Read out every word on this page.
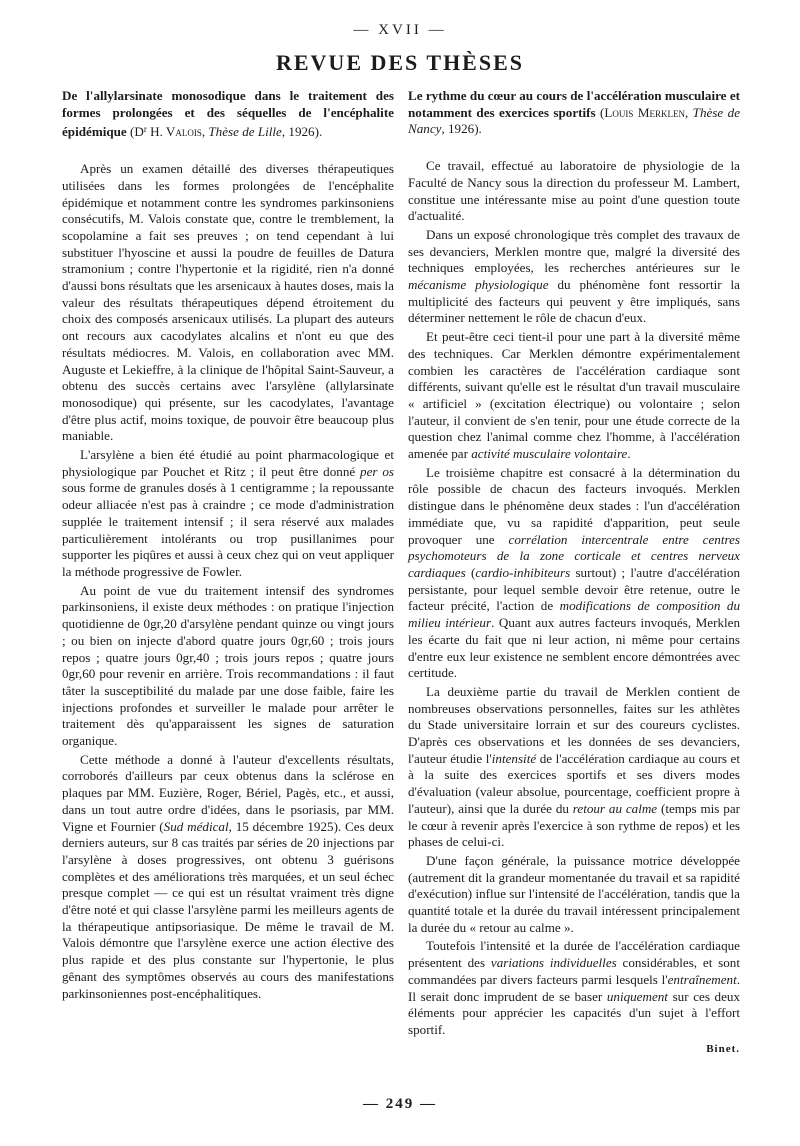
— XVII —
REVUE DES THÈSES
De l'allylarsinate monosodique dans le traitement des formes prolongées et des séquelles de l'encéphalite épidémique ($D^r$ H. Valois, Thèse de Lille, 1926).

Après un examen détaillé des diverses thérapeutiques utilisées dans les formes prolongées de l'encéphalite épidémique et notamment contre les syndromes parkinsoniens consécutifs, M. Valois constate que, contre le tremblement, la scopolamine a fait ses preuves ; on tend cependant à lui substituer l'hyoscine et aussi la poudre de feuilles de Datura stramonium ; contre l'hypertonie et la rigidité, rien n'a donné d'aussi bons résultats que les arsenicaux à hautes doses, mais la valeur des résultats thérapeutiques dépend étroitement du choix des composés arsenicaux utilisés. La plupart des auteurs ont recours aux cacodylates alcalins et n'ont eu que des résultats médiocres. M. Valois, en collaboration avec MM. Auguste et Lekieffre, à la clinique de l'hôpital Saint-Sauveur, a obtenu des succès certains avec l'arsylène (allylarsinate monosodique) qui présente, sur les cacodylates, l'avantage d'être plus actif, moins toxique, de pouvoir être beaucoup plus maniable.

L'arsylène a bien été étudié au point pharmacologique et physiologique par Pouchet et Ritz ; il peut être donné per os sous forme de granules dosés à 1 centigramme ; la repoussante odeur alliacée n'est pas à craindre ; ce mode d'administration supplée le traitement intensif ; il sera réservé aux malades particulièrement intolérants ou trop pusillanimes pour supporter les piqûres et aussi à ceux chez qui on veut appliquer la méthode progressive de Fowler.

Au point de vue du traitement intensif des syndromes parkinsoniens, il existe deux méthodes : on pratique l'injection quotidienne de 0gr,20 d'arsylène pendant quinze ou vingt jours ; ou bien on injecte d'abord quatre jours 0gr,60 ; trois jours repos ; quatre jours 0gr,40 ; trois jours repos ; quatre jours 0gr,60 pour revenir en arrière. Trois recommandations : il faut tâter la susceptibilité du malade par une dose faible, faire les injections profondes et surveiller le malade pour arrêter le traitement dès qu'apparaissent les signes de saturation organique.

Cette méthode a donné à l'auteur d'excellents résultats, corroborés d'ailleurs par ceux obtenus dans la sclérose en plaques par MM. Euzière, Roger, Bériel, Pagès, etc., et aussi, dans un tout autre ordre d'idées, dans le psoriasis, par MM. Vigne et Fournier (Sud médical, 15 décembre 1925). Ces deux derniers auteurs, sur 8 cas traités par séries de 20 injections par l'arsylène à doses progressives, ont obtenu 3 guérisons complètes et des améliorations très marquées, et un seul échec presque complet — ce qui est un résultat vraiment très digne d'être noté et qui classe l'arsylène parmi les meilleurs agents de la thérapeutique antipsoriasique. De même le travail de M. Valois démontre que l'arsylène exerce une action élective des plus rapide et des plus constante sur l'hypertonie, le plus gênant des symptômes observés au cours des manifestations parkinsoniennes post-encéphalitiques.

Le rythme du cœur au cours de l'accélération musculaire et notamment des exercices sportifs (Louis Merklen, Thèse de Nancy, 1926).

Ce travail, effectué au laboratoire de physiologie de la Faculté de Nancy sous la direction du professeur M. Lambert, constitue une intéressante mise au point d'une question toute d'actualité.

Dans un exposé chronologique très complet des travaux de ses devanciers, Merklen montre que, malgré la diversité des techniques employées, les recherches antérieures sur le mécanisme physiologique du phénomène font ressortir la multiplicité des facteurs qui peuvent y être impliqués, sans déterminer nettement le rôle de chacun d'eux.

Et peut-être ceci tient-il pour une part à la diversité même des techniques. Car Merklen démontre expérimentalement combien les caractères de l'accélération cardiaque sont différents, suivant qu'elle est le résultat d'un travail musculaire « artificiel » (excitation électrique) ou volontaire ; selon l'auteur, il convient de s'en tenir, pour une étude correcte de la question chez l'animal comme chez l'homme, à l'accélération amenée par activité musculaire volontaire.

Le troisième chapitre est consacré à la détermination du rôle possible de chacun des facteurs invoqués. Merklen distingue dans le phénomène deux stades : l'un d'accélération immédiate que, vu sa rapidité d'apparition, peut seule provoquer une corrélation intercentrale entre centres psychomoteurs de la zone corticale et centres nerveux cardiaques (cardio-inhibiteurs surtout) ; l'autre d'accélération persistante, pour lequel semble devoir être retenue, outre le facteur précité, l'action de modifications de composition du milieu intérieur. Quant aux autres facteurs invoqués, Merklen les écarte du fait que ni leur action, ni même pour certains d'entre eux leur existence ne semblent encore démontrées avec certitude.

La deuxième partie du travail de Merklen contient de nombreuses observations personnelles, faites sur les athlètes du Stade universitaire lorrain et sur des coureurs cyclistes. D'après ces observations et les données de ses devanciers, l'auteur étudie l'intensité de l'accélération cardiaque au cours et à la suite des exercices sportifs et ses divers modes d'évaluation (valeur absolue, pourcentage, coefficient propre à l'auteur), ainsi que la durée du retour au calme (temps mis par le cœur à revenir après l'exercice à son rythme de repos) et les phases de celui-ci.

D'une façon générale, la puissance motrice développée (autrement dit la grandeur momentanée du travail et sa rapidité d'exécution) influe sur l'intensité de l'accélération, tandis que la quantité totale et la durée du travail intéressent principalement la durée du « retour au calme ».

Toutefois l'intensité et la durée de l'accélération cardiaque présentent des variations individuelles considérables, et sont commandées par divers facteurs parmi lesquels l'entraînement. Il serait donc imprudent de se baser uniquement sur ces deux éléments pour apprécier les capacités d'un sujet à l'effort sportif.

Binet.

— 249 —
